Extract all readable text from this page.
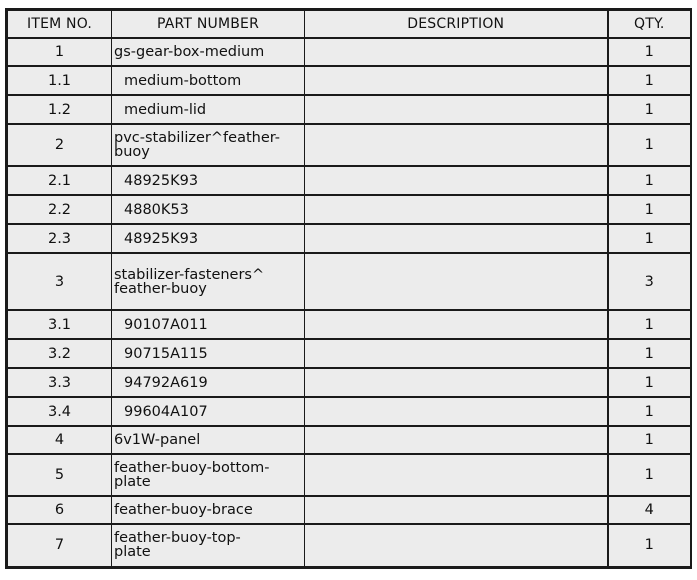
ITEM NO.	PART NUMBER	DESCRIPTION	QTY.
1	gs-gear-box-medium		1
1.1	medium-bottom		1
1.2	medium-lid		1
2	pvc-​stabilizer^​feather-​buoy		1
2.1	48925K93		1
2.2	4880K53		1
2.3	48925K93		1
3	stabilizer-​fasteners^​feather-​buoy		3
3.1	90107A011		1
3.2	90715A115		1
3.3	94792A619		1
3.4	99604A107		1
4	6v1W-panel		1
5	feather-​buoy-​bottom-​plate		1
6	feather-buoy-brace		4
7	feather-​buoy-​top-​plate		1
